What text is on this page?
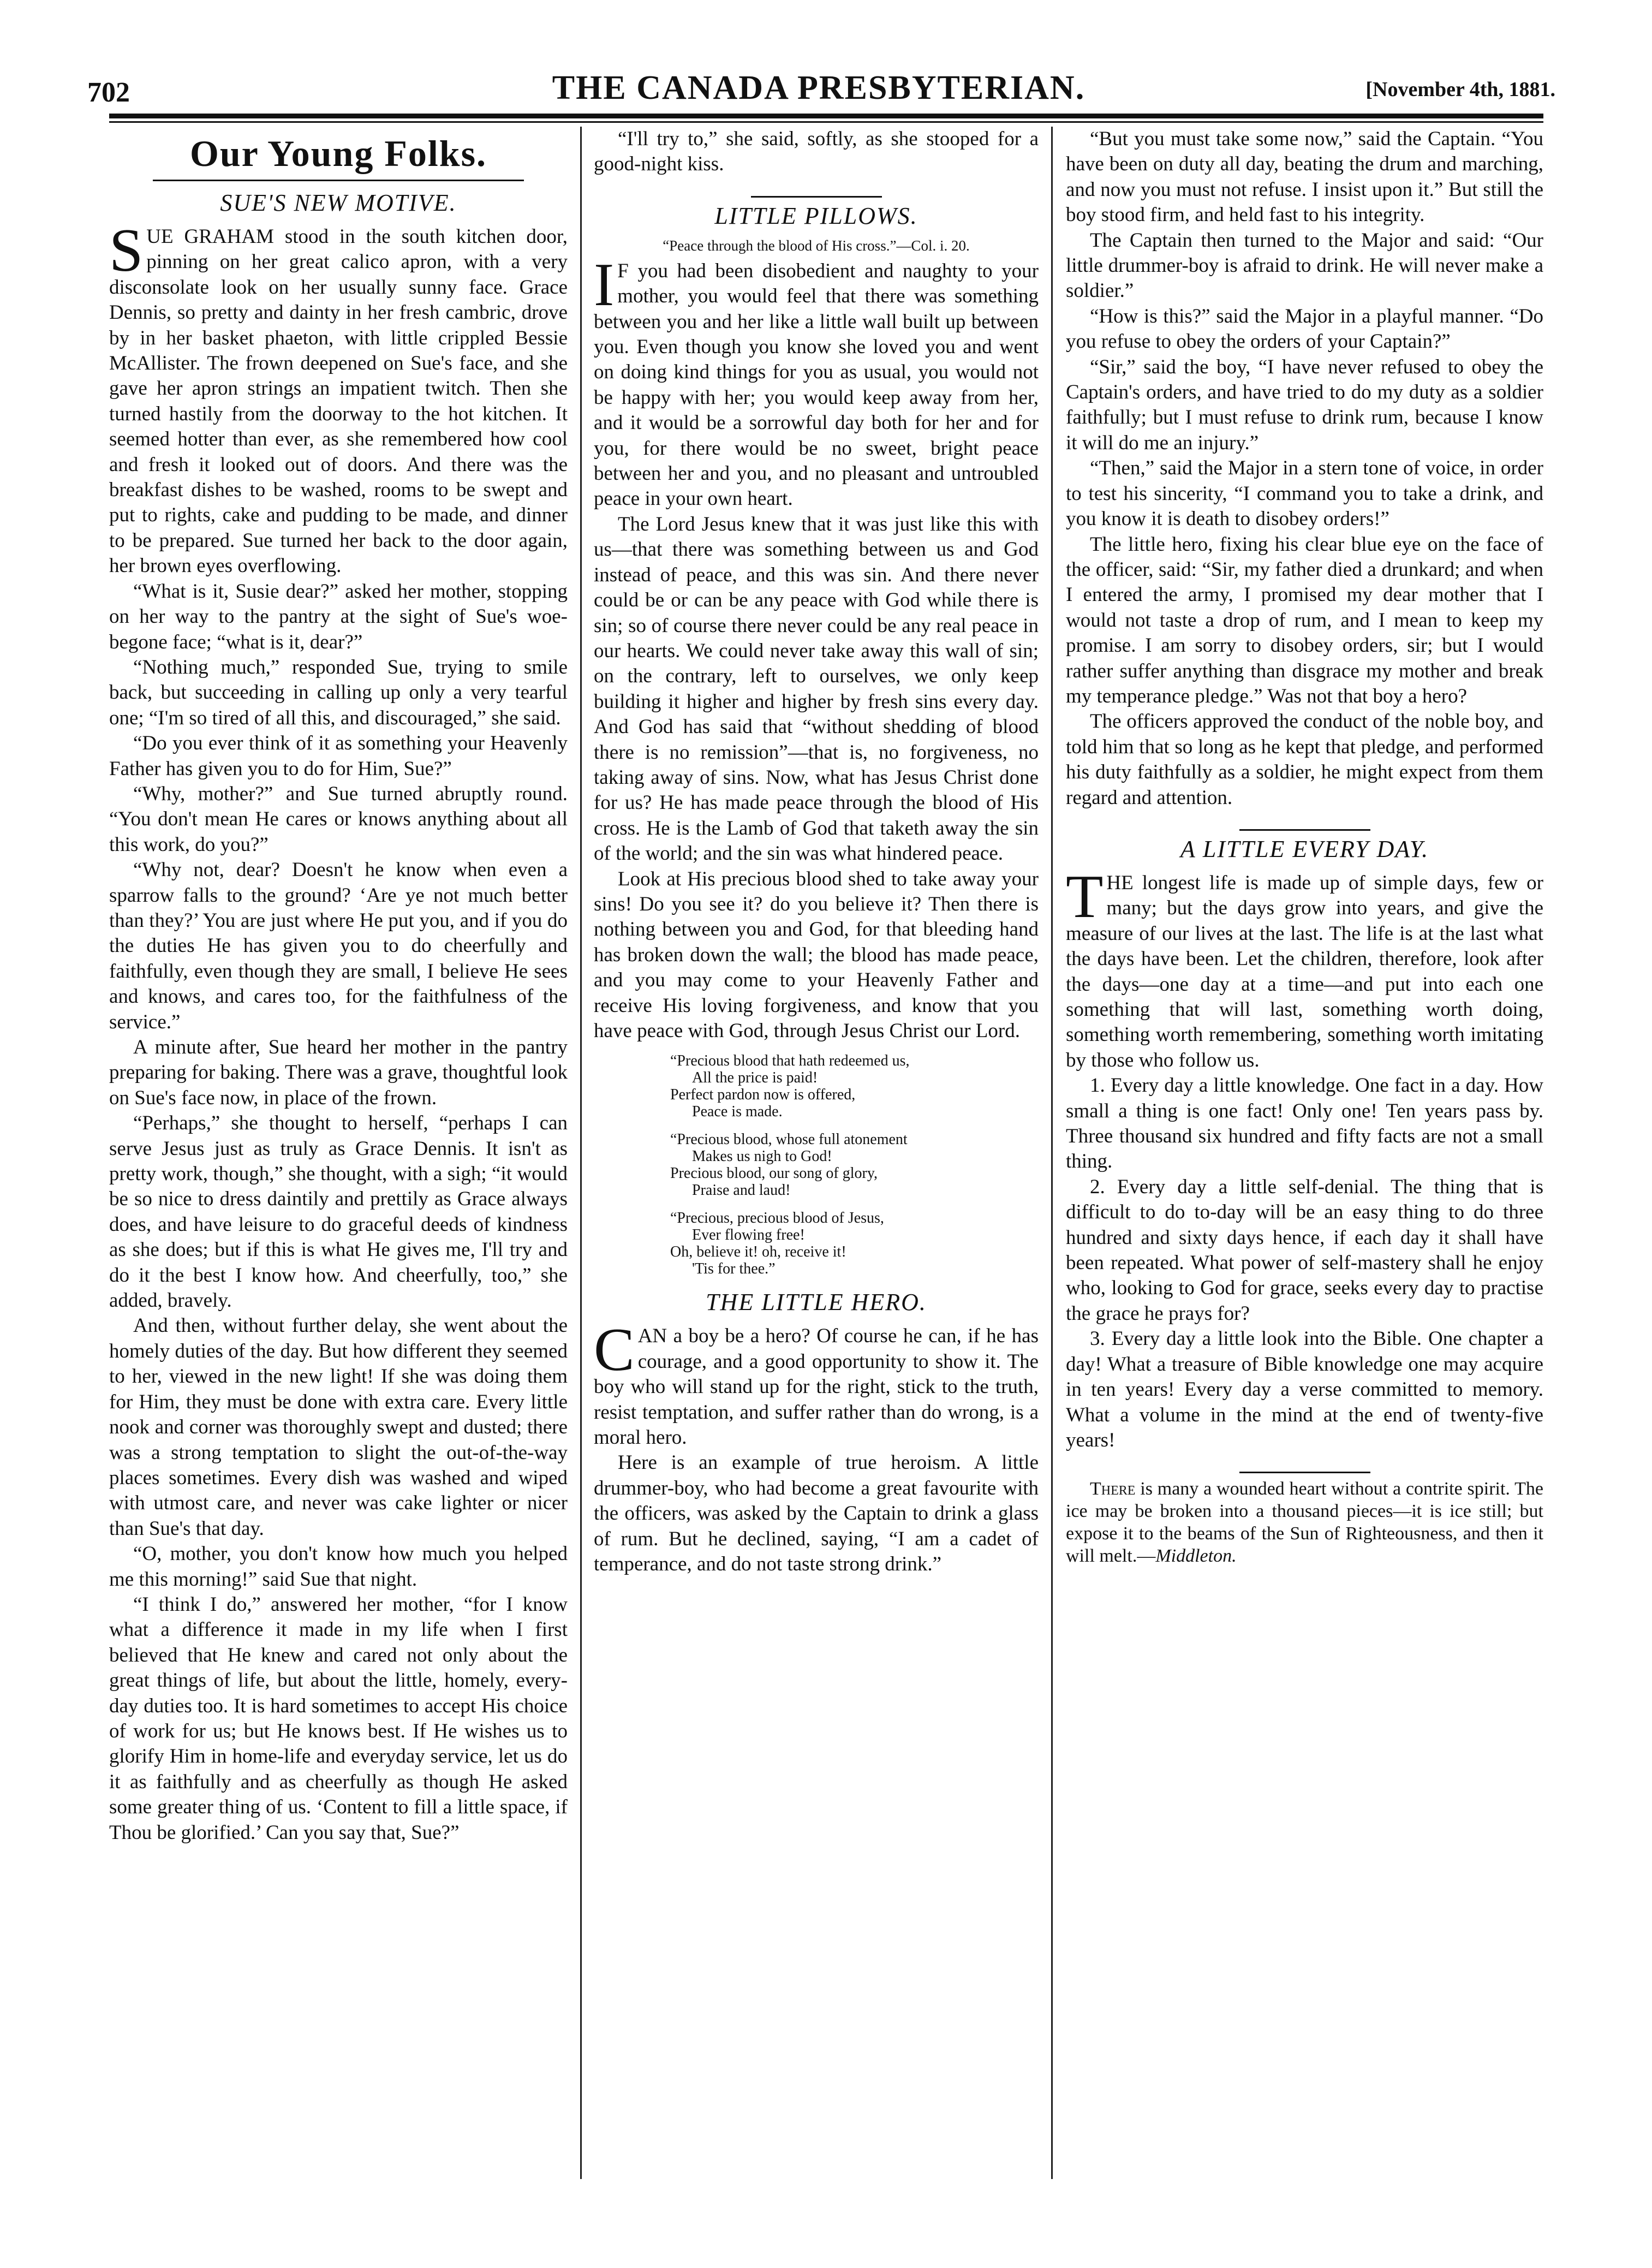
702	THE CANADA PRESBYTERIAN.	[November 4th, 1881.
Our Young Folks.
SUE'S NEW MOTIVE.

SUE GRAHAM stood in the south kitchen door, pinning on her great calico apron, with a very disconsolate look on her usually sunny face. Grace Dennis, so pretty and dainty in her fresh cambric, drove by in her basket phaeton, with little crippled Bessie McAllister. The frown deepened on Sue's face, and she gave her apron strings an impatient twitch. Then she turned hastily from the doorway to the hot kitchen. It seemed hotter than ever, as she remembered how cool and fresh it looked out of doors. And there was the breakfast dishes to be washed, rooms to be swept and put to rights, cake and pudding to be made, and dinner to be prepared. Sue turned her back to the door again, her brown eyes overflowing.

“What is it, Susie dear?” asked her mother, stopping on her way to the pantry at the sight of Sue's woe-begone face; “what is it, dear?”

“Nothing much,” responded Sue, trying to smile back, but succeeding in calling up only a very tearful one; “I'm so tired of all this, and discouraged,” she said.

“Do you ever think of it as something your Heavenly Father has given you to do for Him, Sue?”

“Why, mother?” and Sue turned abruptly round. “You don't mean He cares or knows anything about all this work, do you?”

“Why not, dear? Doesn't he know when even a sparrow falls to the ground? ‘Are ye not much better than they?’ You are just where He put you, and if you do the duties He has given you to do cheerfully and faithfully, even though they are small, I believe He sees and knows, and cares too, for the faithfulness of the service.”

A minute after, Sue heard her mother in the pantry preparing for baking. There was a grave, thoughtful look on Sue's face now, in place of the frown.

“Perhaps,” she thought to herself, “perhaps I can serve Jesus just as truly as Grace Dennis. It isn't as pretty work, though,” she thought, with a sigh; “it would be so nice to dress daintily and prettily as Grace always does, and have leisure to do graceful deeds of kindness as she does; but if this is what He gives me, I'll try and do it the best I know how. And cheerfully, too,” she added, bravely.

And then, without further delay, she went about the homely duties of the day. But how different they seemed to her, viewed in the new light! If she was doing them for Him, they must be done with extra care. Every little nook and corner was thoroughly swept and dusted; there was a strong temptation to slight the out-of-the-way places sometimes. Every dish was washed and wiped with utmost care, and never was cake lighter or nicer than Sue's that day.

“O, mother, you don't know how much you helped me this morning!” said Sue that night.

“I think I do,” answered her mother, “for I know what a difference it made in my life when I first believed that He knew and cared not only about the great things of life, but about the little, homely, every-day duties too. It is hard sometimes to accept His choice of work for us; but He knows best. If He wishes us to glorify Him in home-life and everyday service, let us do it as faithfully and as cheerfully as though He asked some greater thing of us. ‘Content to fill a little space, if Thou be glorified.’ Can you say that, Sue?”

“I'll try to,” she said, softly, as she stooped for a good-night kiss.

LITTLE PILLOWS.
“Peace through the blood of His cross.”—Col. i. 20.

I F you had been disobedient and naughty to your mother, you would feel that there was something between you and her like a little wall built up between you. Even though you know she loved you and went on doing kind things for you as usual, you would not be happy with her; you would keep away from her, and it would be a sorrowful day both for her and for you, for there would be no sweet, bright peace between her and you, and no pleasant and untroubled peace in your own heart.

The Lord Jesus knew that it was just like this with us—that there was something between us and God instead of peace, and this was sin. And there never could be or can be any peace with God while there is sin; so of course there never could be any real peace in our hearts. We could never take away this wall of sin; on the contrary, left to ourselves, we only keep building it higher and higher by fresh sins every day. And God has said that “without shedding of blood there is no remission”—that is, no forgiveness, no taking away of sins. Now, what has Jesus Christ done for us? He has made peace through the blood of His cross. He is the Lamb of God that taketh away the sin of the world; and the sin was what hindered peace.

Look at His precious blood shed to take away your sins! Do you see it? do you believe it? Then there is nothing between you and God, for that bleeding hand has broken down the wall; the blood has made peace, and you may come to your Heavenly Father and receive His loving forgiveness, and know that you have peace with God, through Jesus Christ our Lord.

“Precious blood that hath redeemed us,
All the price is paid!
Perfect pardon now is offered,
Peace is made.
“Precious blood, whose full atonement
Makes us nigh to God!
Precious blood, our song of glory,
Praise and laud!
“Precious, precious blood of Jesus,
Ever flowing free!
Oh, believe it! oh, receive it!
'Tis for thee.”
THE LITTLE HERO.

CAN a boy be a hero? Of course he can, if he has courage, and a good opportunity to show it. The boy who will stand up for the right, stick to the truth, resist temptation, and suffer rather than do wrong, is a moral hero.

Here is an example of true heroism. A little drummer-boy, who had become a great favourite with the officers, was asked by the Captain to drink a glass of rum. But he declined, saying, “I am a cadet of temperance, and do not taste strong drink.”

“But you must take some now,” said the Captain. “You have been on duty all day, beating the drum and marching, and now you must not refuse. I insist upon it.” But still the boy stood firm, and held fast to his integrity.

The Captain then turned to the Major and said: “Our little drummer-boy is afraid to drink. He will never make a soldier.”

“How is this?” said the Major in a playful manner. “Do you refuse to obey the orders of your Captain?”

“Sir,” said the boy, “I have never refused to obey the Captain's orders, and have tried to do my duty as a soldier faithfully; but I must refuse to drink rum, because I know it will do me an injury.”

“Then,” said the Major in a stern tone of voice, in order to test his sincerity, “I command you to take a drink, and you know it is death to disobey orders!”

The little hero, fixing his clear blue eye on the face of the officer, said: “Sir, my father died a drunkard; and when I entered the army, I promised my dear mother that I would not taste a drop of rum, and I mean to keep my promise. I am sorry to disobey orders, sir; but I would rather suffer anything than disgrace my mother and break my temperance pledge.” Was not that boy a hero?

The officers approved the conduct of the noble boy, and told him that so long as he kept that pledge, and performed his duty faithfully as a soldier, he might expect from them regard and attention.

A LITTLE EVERY DAY.

THE longest life is made up of simple days, few or many; but the days grow into years, and give the measure of our lives at the last. The life is at the last what the days have been. Let the children, therefore, look after the days—one day at a time—and put into each one something that will last, something worth doing, something worth remembering, something worth imitating by those who follow us.

1. Every day a little knowledge. One fact in a day. How small a thing is one fact! Only one! Ten years pass by. Three thousand six hundred and fifty facts are not a small thing.

2. Every day a little self-denial. The thing that is difficult to do to-day will be an easy thing to do three hundred and sixty days hence, if each day it shall have been repeated. What power of self-mastery shall he enjoy who, looking to God for grace, seeks every day to practise the grace he prays for?

3. Every day a little look into the Bible. One chapter a day! What a treasure of Bible knowledge one may acquire in ten years! Every day a verse committed to memory. What a volume in the mind at the end of twenty-five years!

There is many a wounded heart without a contrite spirit. The ice may be broken into a thousand pieces—it is ice still; but expose it to the beams of the Sun of Righteousness, and then it will melt.—Middleton.
